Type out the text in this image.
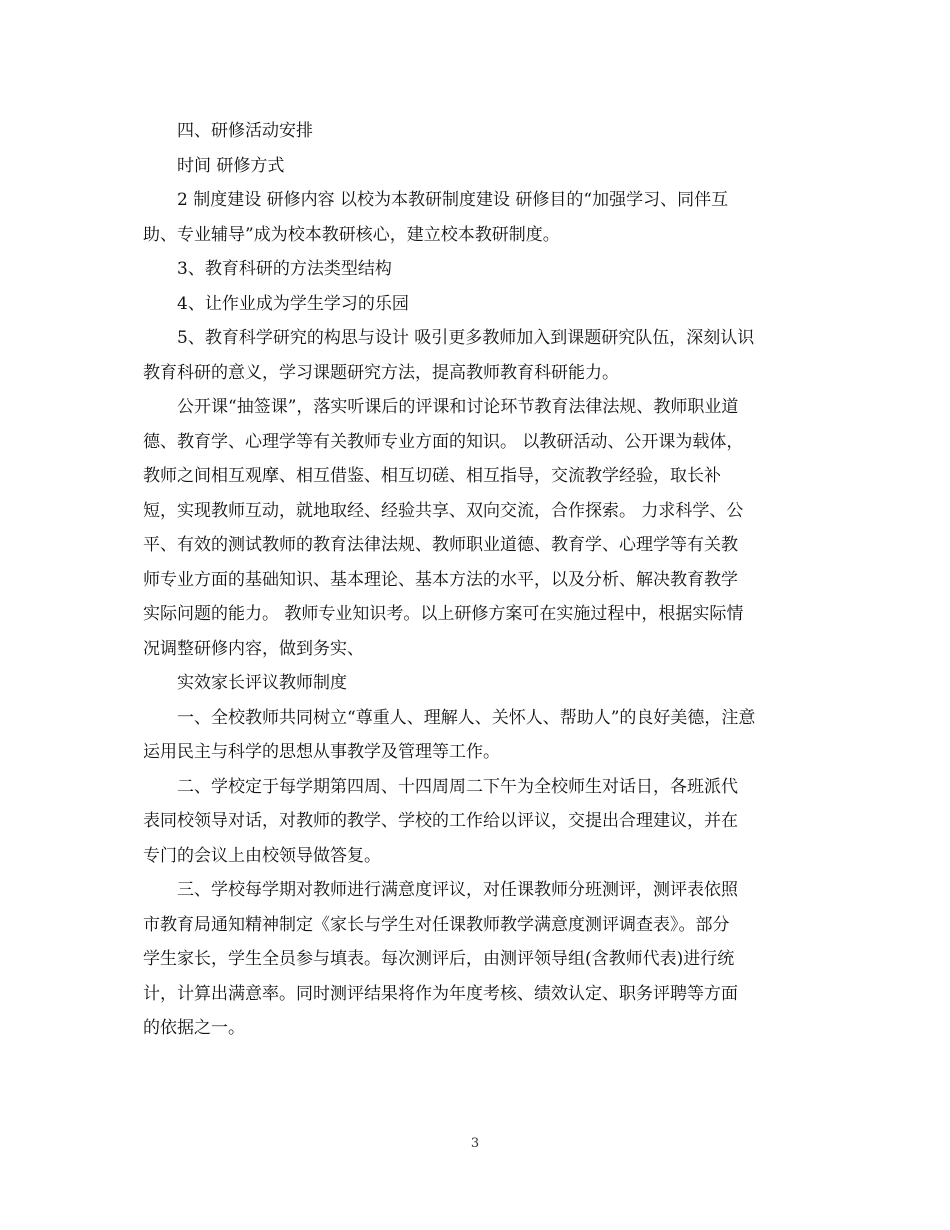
四、研修活动安排
时间 研修方式
2 制度建设 研修内容 以校为本教研制度建设 研修目的“加强学习、同伴互
助、专业辅导”成为校本教研核心，建立校本教研制度。
3、教育科研的方法类型结构
4、让作业成为学生学习的乐园
5、教育科学研究的构思与设计 吸引更多教师加入到课题研究队伍，深刻认识
教育科研的意义，学习课题研究方法，提高教师教育科研能力。
公开课“抽签课”，落实听课后的评课和讨论环节教育法律法规、教师职业道
德、教育学、心理学等有关教师专业方面的知识。 以教研活动、公开课为载体，
教师之间相互观摩、相互借鉴、相互切磋、相互指导，交流教学经验，取长补
短，实现教师互动，就地取经、经验共享、双向交流，合作探索。 力求科学、公
平、有效的测试教师的教育法律法规、教师职业道德、教育学、心理学等有关教
师专业方面的基础知识、基本理论、基本方法的水平，以及分析、解决教育教学
实际问题的能力。 教师专业知识考。以上研修方案可在实施过程中，根据实际情
况调整研修内容，做到务实、
实效家长评议教师制度
一、全校教师共同树立“尊重人、理解人、关怀人、帮助人”的良好美德，注意
运用民主与科学的思想从事教学及管理等工作。
二、学校定于每学期第四周、十四周周二下午为全校师生对话日，各班派代
表同校领导对话，对教师的教学、学校的工作给以评议，交提出合理建议，并在
专门的会议上由校领导做答复。
三、学校每学期对教师进行满意度评议，对任课教师分班测评，测评表依照
市教育局通知精神制定《家长与学生对任课教师教学满意度测评调查表》。部分
学生家长，学生全员参与填表。每次测评后，由测评领导组(含教师代表)进行统
计，计算出满意率。同时测评结果将作为年度考核、绩效认定、职务评聘等方面
的依据之一。
3
